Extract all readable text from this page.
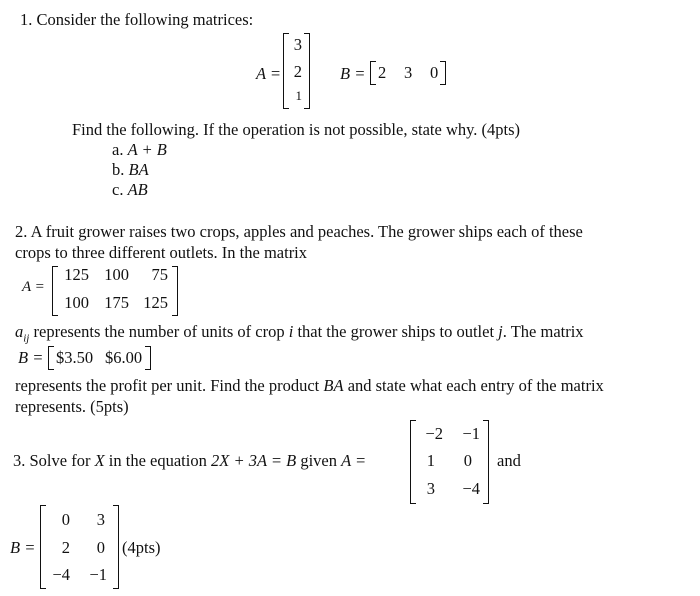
1. Consider the following matrices:
A =
3
2
1
B = 2 3 0
Find the following. If the operation is not possible, state why. (4pts)
a. A + B
b. BA
c. AB
2. A fruit grower raises two crops, apples and peaches. The grower ships each of these
crops to three different outlets. In the matrix
A =
125 100	75
100 175 125
$a_{ij}$ represents the number of units of crop i that the grower ships to outlet j. The matrix
B = $3.50 $6.00
represents the profit per unit. Find the product BA and state what each entry of the matrix
represents. (5pts)
3. Solve for X in the equation 2X + 3A = B given A =
−2	−1
1	0
3	−4
and
B =
0	3
2	0
−4	−1
(4pts)
